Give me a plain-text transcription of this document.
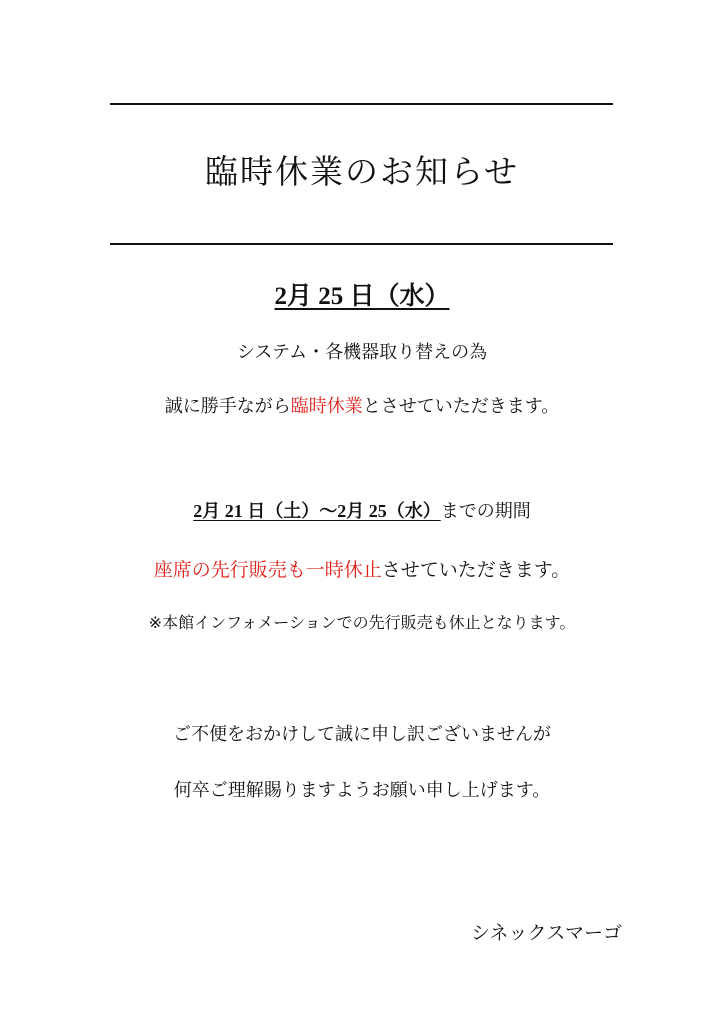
臨時休業のお知らせ
2月 25 日（水）
システム・各機器取り替えの為
誠に勝手ながら臨時休業とさせていただきます。
2月 21 日（土）～2月 25（水）までの期間
座席の先行販売も一時休止させていただきます。
※本館インフォメーションでの先行販売も休止となります。
ご不便をおかけして誠に申し訳ございませんが
何卒ご理解賜りますようお願い申し上げます。
シネックスマーゴ
